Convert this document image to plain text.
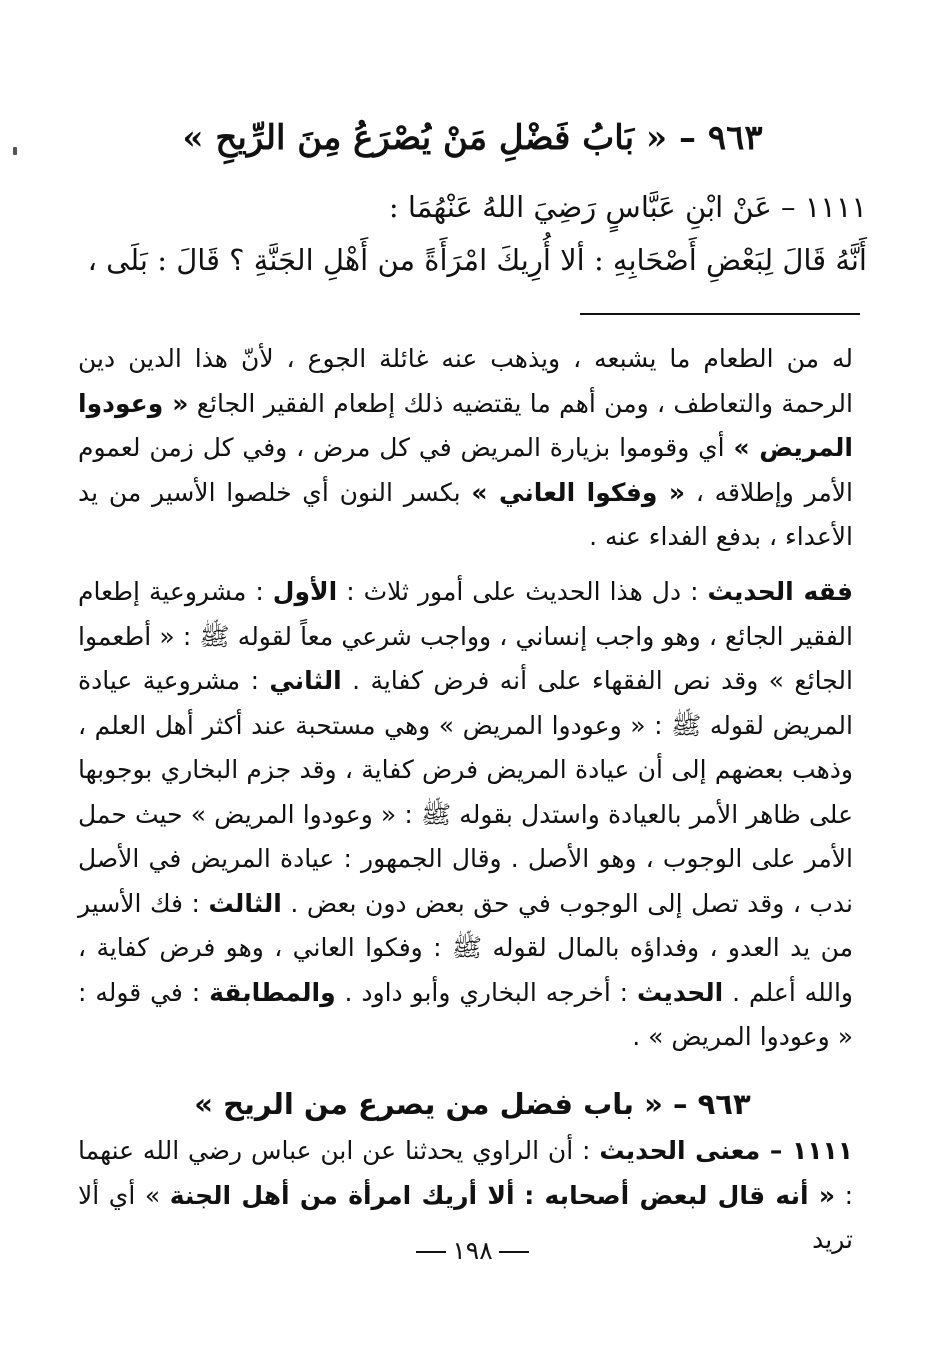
٩٦٣ – « بَابُ فَضْلِ مَنْ يُصْرَعُ مِنَ الرِّيحِ »
١١١١ – عَنْ ابْنِ عَبَّاسٍ رَضِيَ اللهُ عَنْهُمَا :
أَنَّهُ قَالَ لِبَعْضِ أَصْحَابِهِ : ألا أُرِيكَ امْرَأَةً من أَهْلِ الجَنَّةِ ؟ قَالَ : بَلَى ،

له من الطعام ما يشبعه ، ويذهب عنه غائلة الجوع ، لأنّ هذا الدين دين الرحمة والتعاطف ، ومن أهم ما يقتضيه ذلك إطعام الفقير الجائع « وعودوا المريض » أي وقوموا بزيارة المريض في كل مرض ، وفي كل زمن لعموم الأمر وإطلاقه ، « وفكوا العاني » بكسر النون أي خلصوا الأسير من يد الأعداء ، بدفع الفداء عنه .

فقه الحديث : دل هذا الحديث على أمور ثلاث : الأول : مشروعية إطعام الفقير الجائع ، وهو واجب إنساني ، وواجب شرعي معاً لقوله ﷺ : « أطعموا الجائع » وقد نص الفقهاء على أنه فرض كفاية . الثاني : مشروعية عيادة المريض لقوله ﷺ : « وعودوا المريض » وهي مستحبة عند أكثر أهل العلم ، وذهب بعضهم إلى أن عيادة المريض فرض كفاية ، وقد جزم البخاري بوجوبها على ظاهر الأمر بالعيادة واستدل بقوله ﷺ : « وعودوا المريض » حيث حمل الأمر على الوجوب ، وهو الأصل . وقال الجمهور : عيادة المريض في الأصل ندب ، وقد تصل إلى الوجوب في حق بعض دون بعض . الثالث : فك الأسير من يد العدو ، وفداؤه بالمال لقوله ﷺ : وفكوا العاني ، وهو فرض كفاية ، والله أعلم . الحديث : أخرجه البخاري وأبو داود . والمطابقة : في قوله : « وعودوا المريض » .

٩٦٣ – « باب فضل من يصرع من الريح »

١١١١ – معنى الحديث : أن الراوي يحدثنا عن ابن عباس رضي الله عنهما : « أنه قال لبعض أصحابه : ألا أريك امرأة من أهل الجنة » أي ألا تريد

١٩٨
